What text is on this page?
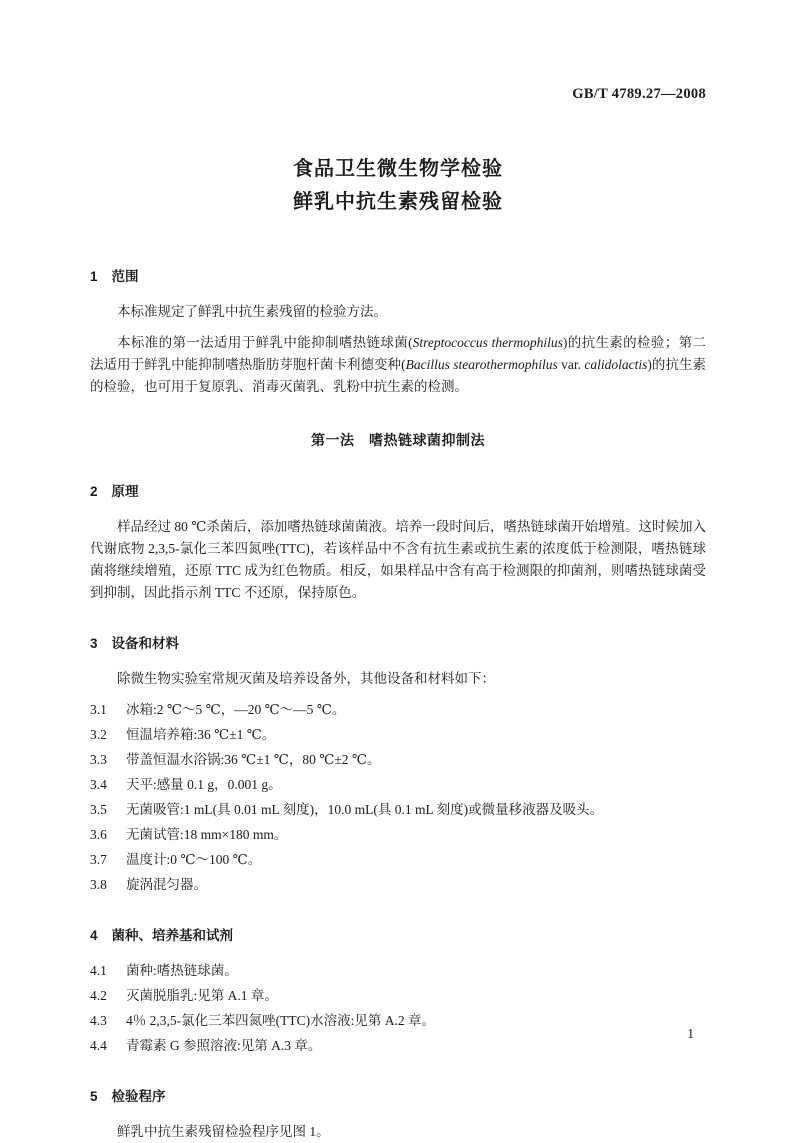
GB/T 4789.27—2008
食品卫生微生物学检验
鲜乳中抗生素残留检验
1 范围

本标准规定了鲜乳中抗生素残留的检验方法。

本标准的第一法适用于鲜乳中能抑制嗜热链球菌(Streptococcus thermophilus)的抗生素的检验；第二法适用于鲜乳中能抑制嗜热脂肪芽胞杆菌卡利德变种(Bacillus stearothermophilus var. calidolactis)的抗生素的检验，也可用于复原乳、消毒灭菌乳、乳粉中抗生素的检测。

第一法　嗜热链球菌抑制法
2 原理

样品经过 80 ℃杀菌后，添加嗜热链球菌菌液。培养一段时间后，嗜热链球菌开始增殖。这时候加入代谢底物 2,3,5-氯化三苯四氮唑(TTC)，若该样品中不含有抗生素或抗生素的浓度低于检测限，嗜热链球菌将继续增殖，还原 TTC 成为红色物质。相反，如果样品中含有高于检测限的抑菌剂，则嗜热链球菌受到抑制，因此指示剂 TTC 不还原，保持原色。

3 设备和材料

除微生物实验室常规灭菌及培养设备外，其他设备和材料如下：

3.1	冰箱:2 ℃～5 ℃，—20 ℃～—5 ℃。
3.2	恒温培养箱:36 ℃±1 ℃。
3.3	带盖恒温水浴锅:36 ℃±1 ℃，80 ℃±2 ℃。
3.4	天平:感量 0.1 g，0.001 g。
3.5	无菌吸管:1 mL(具 0.01 mL 刻度)，10.0 mL(具 0.1 mL 刻度)或微量移液器及吸头。
3.6	无菌试管:18 mm×180 mm。
3.7	温度计:0 ℃～100 ℃。
3.8	旋涡混匀器。
4 菌种、培养基和试剂
4.1	菌种:嗜热链球菌。
4.2	灭菌脱脂乳:见第 A.1 章。
4.3	4％ 2,3,5-氯化三苯四氮唑(TTC)水溶液:见第 A.2 章。
4.4	青霉素 G 参照溶液:见第 A.3 章。
5 检验程序

鲜乳中抗生素残留检验程序见图 1。

1
